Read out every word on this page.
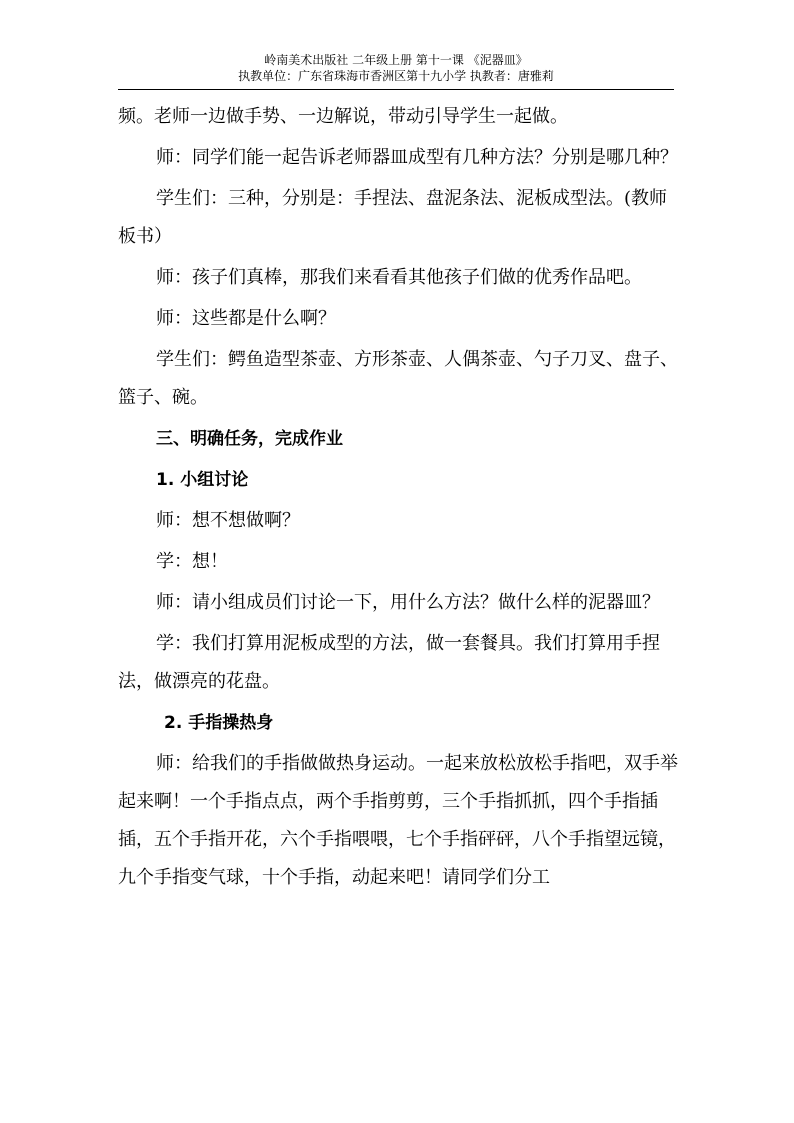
岭南美术出版社 二年级上册 第十一课 《泥器皿》
执教单位：广东省珠海市香洲区第十九小学 执教者：唐雅莉

频。老师一边做手势、一边解说，带动引导学生一起做。

师：同学们能一起告诉老师器皿成型有几种方法？分别是哪几种？

学生们：三种，分别是：手捏法、盘泥条法、泥板成型法。(教师板书）

师：孩子们真棒，那我们来看看其他孩子们做的优秀作品吧。

师：这些都是什么啊？

学生们：鳄鱼造型茶壶、方形茶壶、人偶茶壶、勺子刀叉、盘子、篮子、碗。

三、明确任务，完成作业

1. 小组讨论

师：想不想做啊？

学：想！

师：请小组成员们讨论一下，用什么方法？做什么样的泥器皿？

学：我们打算用泥板成型的方法，做一套餐具。我们打算用手捏法，做漂亮的花盘。

2. 手指操热身

师：给我们的手指做做热身运动。一起来放松放松手指吧，双手举起来啊！一个手指点点，两个手指剪剪，三个手指抓抓，四个手指插插，五个手指开花，六个手指喂喂，七个手指砰砰，八个手指望远镜，九个手指变气球，十个手指，动起来吧！请同学们分工
